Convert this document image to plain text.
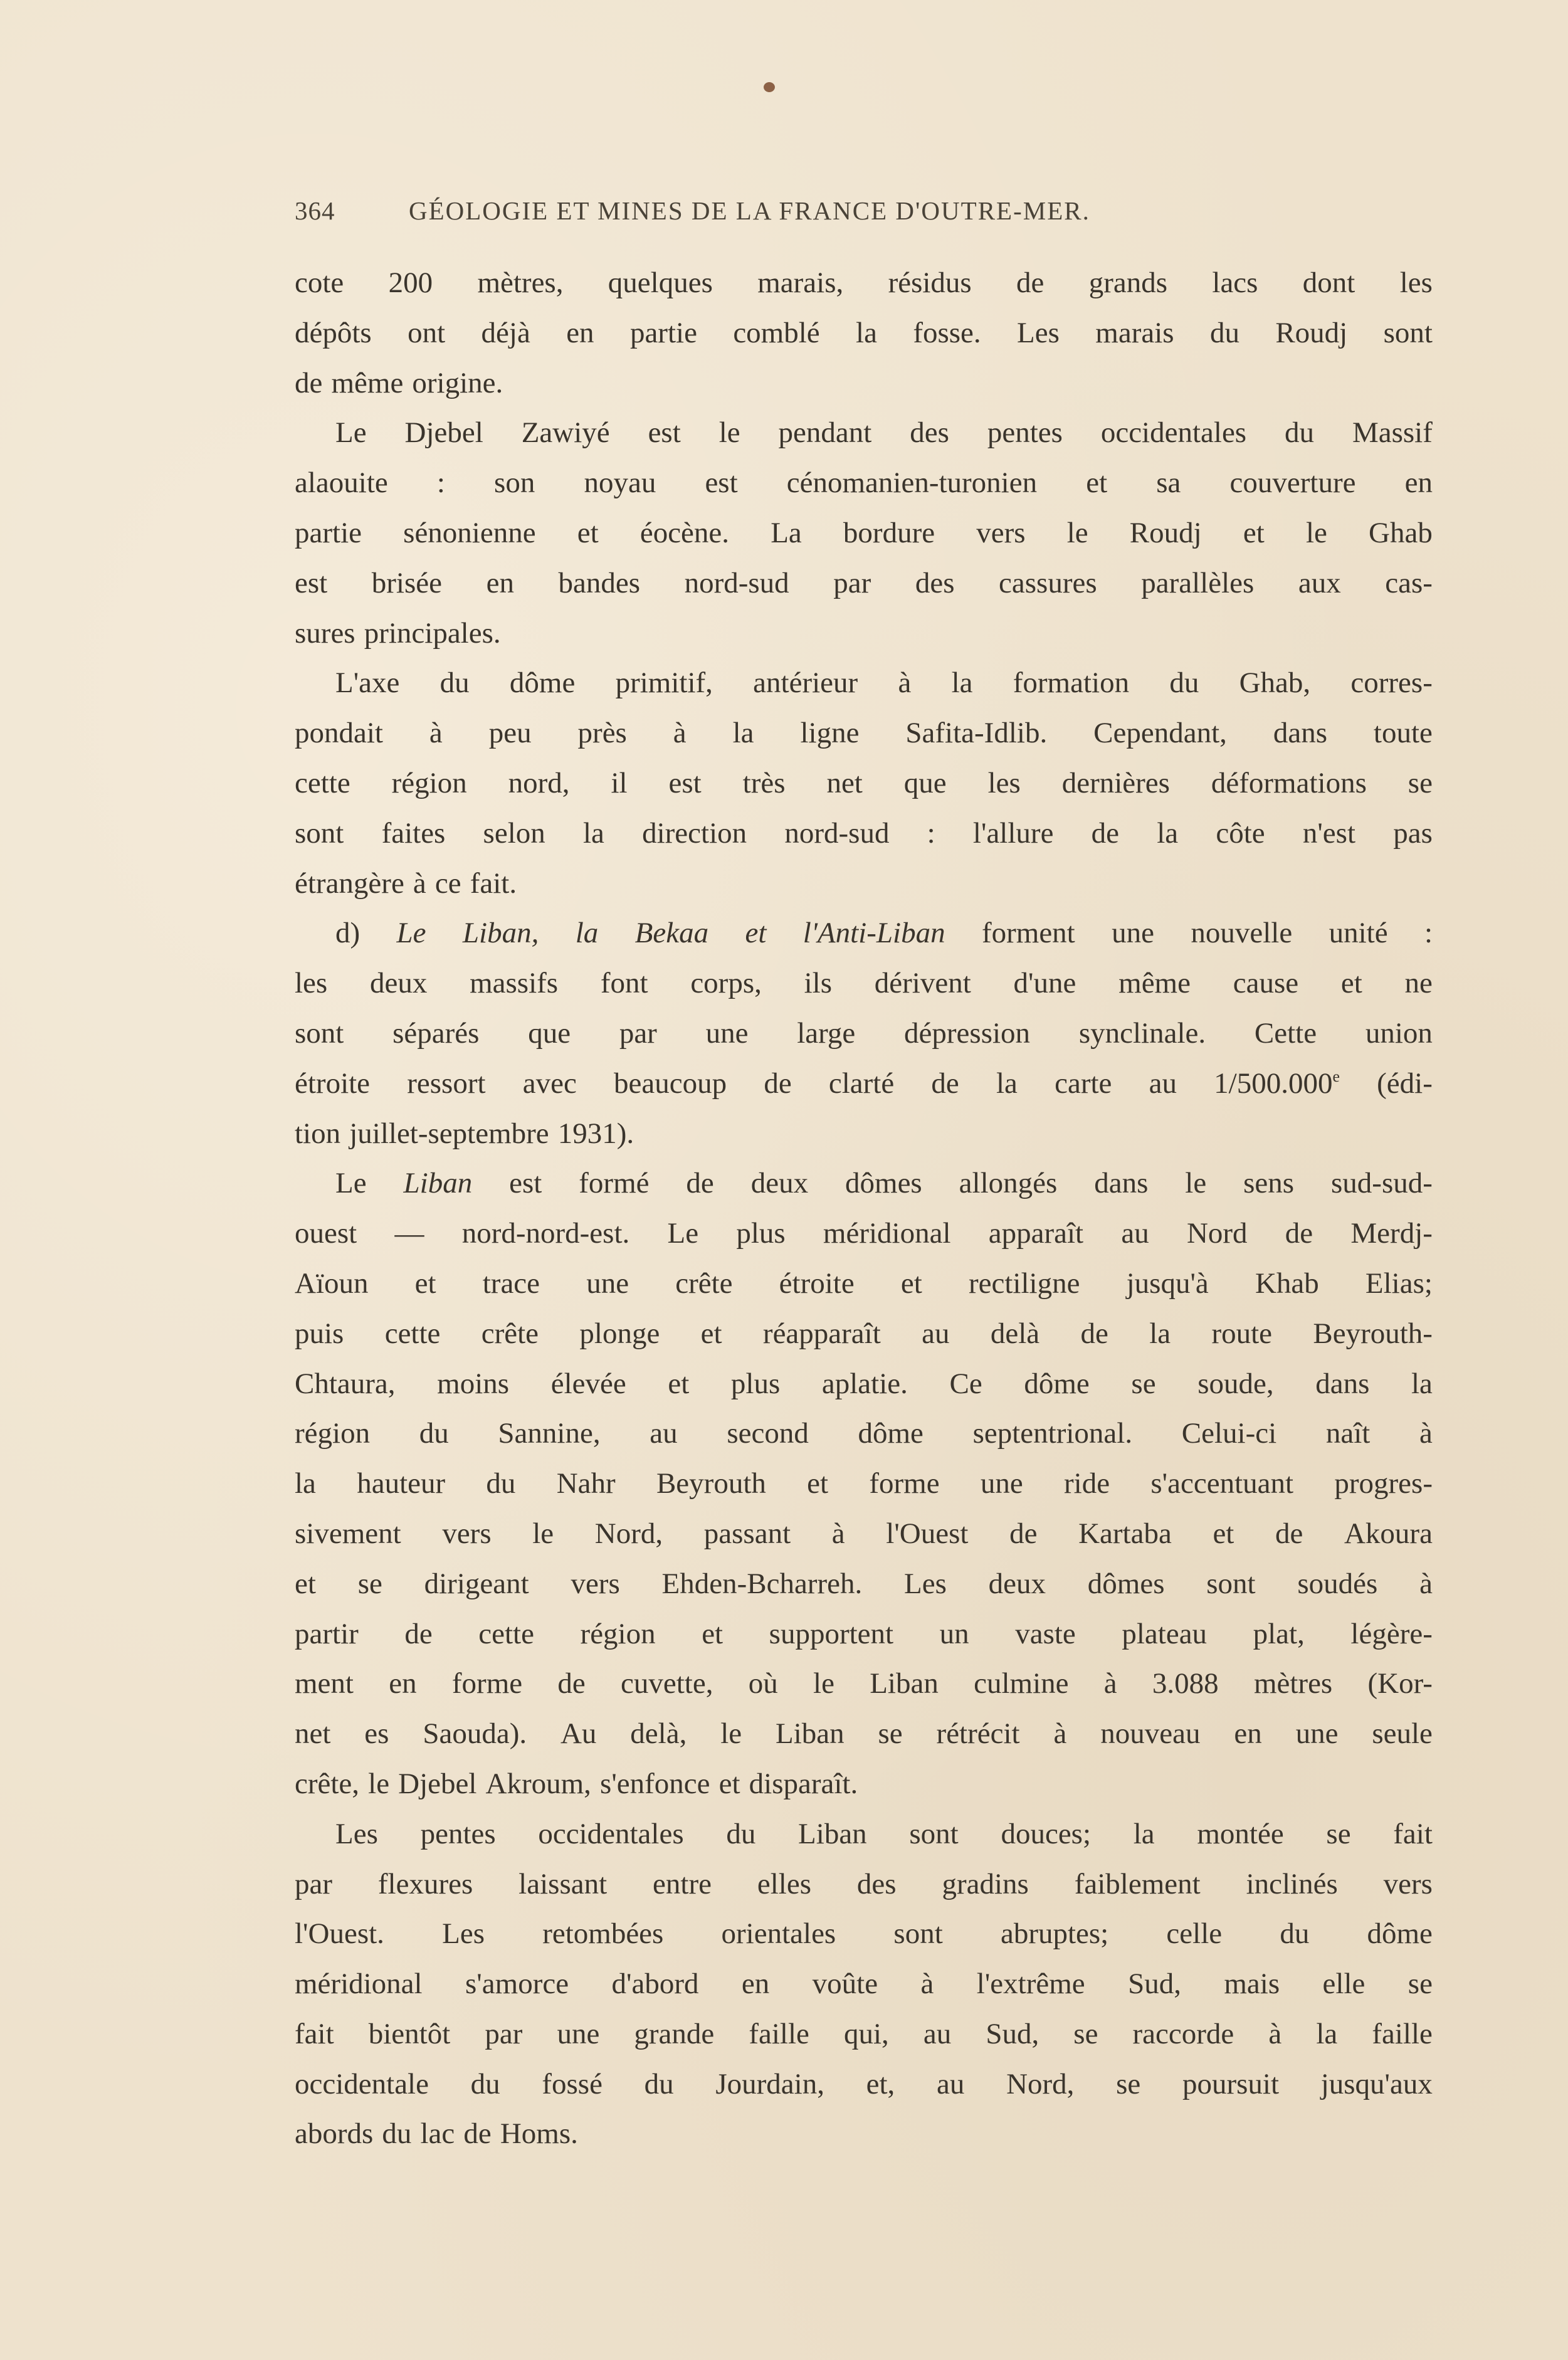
364	GÉOLOGIE ET MINES DE LA FRANCE D'OUTRE-MER.
cote 200 mètres, quelques marais, résidus de grands lacs dont les
dépôts ont déjà en partie comblé la fosse. Les marais du Roudj sont
de même origine.
Le Djebel Zawiyé est le pendant des pentes occidentales du Massif
alaouite : son noyau est cénomanien-turonien et sa couverture en
partie sénonienne et éocène. La bordure vers le Roudj et le Ghab
est brisée en bandes nord-sud par des cassures parallèles aux cas-
sures principales.
L'axe du dôme primitif, antérieur à la formation du Ghab, corres-
pondait à peu près à la ligne Safita-Idlib. Cependant, dans toute
cette région nord, il est très net que les dernières déformations se
sont faites selon la direction nord-sud : l'allure de la côte n'est pas
étrangère à ce fait.
d) Le Liban, la Bekaa et l'Anti-Liban forment une nouvelle unité :
les deux massifs font corps, ils dérivent d'une même cause et ne
sont séparés que par une large dépression synclinale. Cette union
étroite ressort avec beaucoup de clarté de la carte au 1/500.000e (édi-
tion juillet-septembre 1931).
Le Liban est formé de deux dômes allongés dans le sens sud-sud-
ouest — nord-nord-est. Le plus méridional apparaît au Nord de Merdj-
Aïoun et trace une crête étroite et rectiligne jusqu'à Khab Elias;
puis cette crête plonge et réapparaît au delà de la route Beyrouth-
Chtaura, moins élevée et plus aplatie. Ce dôme se soude, dans la
région du Sannine, au second dôme septentrional. Celui-ci naît à
la hauteur du Nahr Beyrouth et forme une ride s'accentuant progres-
sivement vers le Nord, passant à l'Ouest de Kartaba et de Akoura
et se dirigeant vers Ehden-Bcharreh. Les deux dômes sont soudés à
partir de cette région et supportent un vaste plateau plat, légère-
ment en forme de cuvette, où le Liban culmine à 3.088 mètres (Kor-
net es Saouda). Au delà, le Liban se rétrécit à nouveau en une seule
crête, le Djebel Akroum, s'enfonce et disparaît.
Les pentes occidentales du Liban sont douces; la montée se fait
par flexures laissant entre elles des gradins faiblement inclinés vers
l'Ouest. Les retombées orientales sont abruptes; celle du dôme
méridional s'amorce d'abord en voûte à l'extrême Sud, mais elle se
fait bientôt par une grande faille qui, au Sud, se raccorde à la faille
occidentale du fossé du Jourdain, et, au Nord, se poursuit jusqu'aux
abords du lac de Homs.
